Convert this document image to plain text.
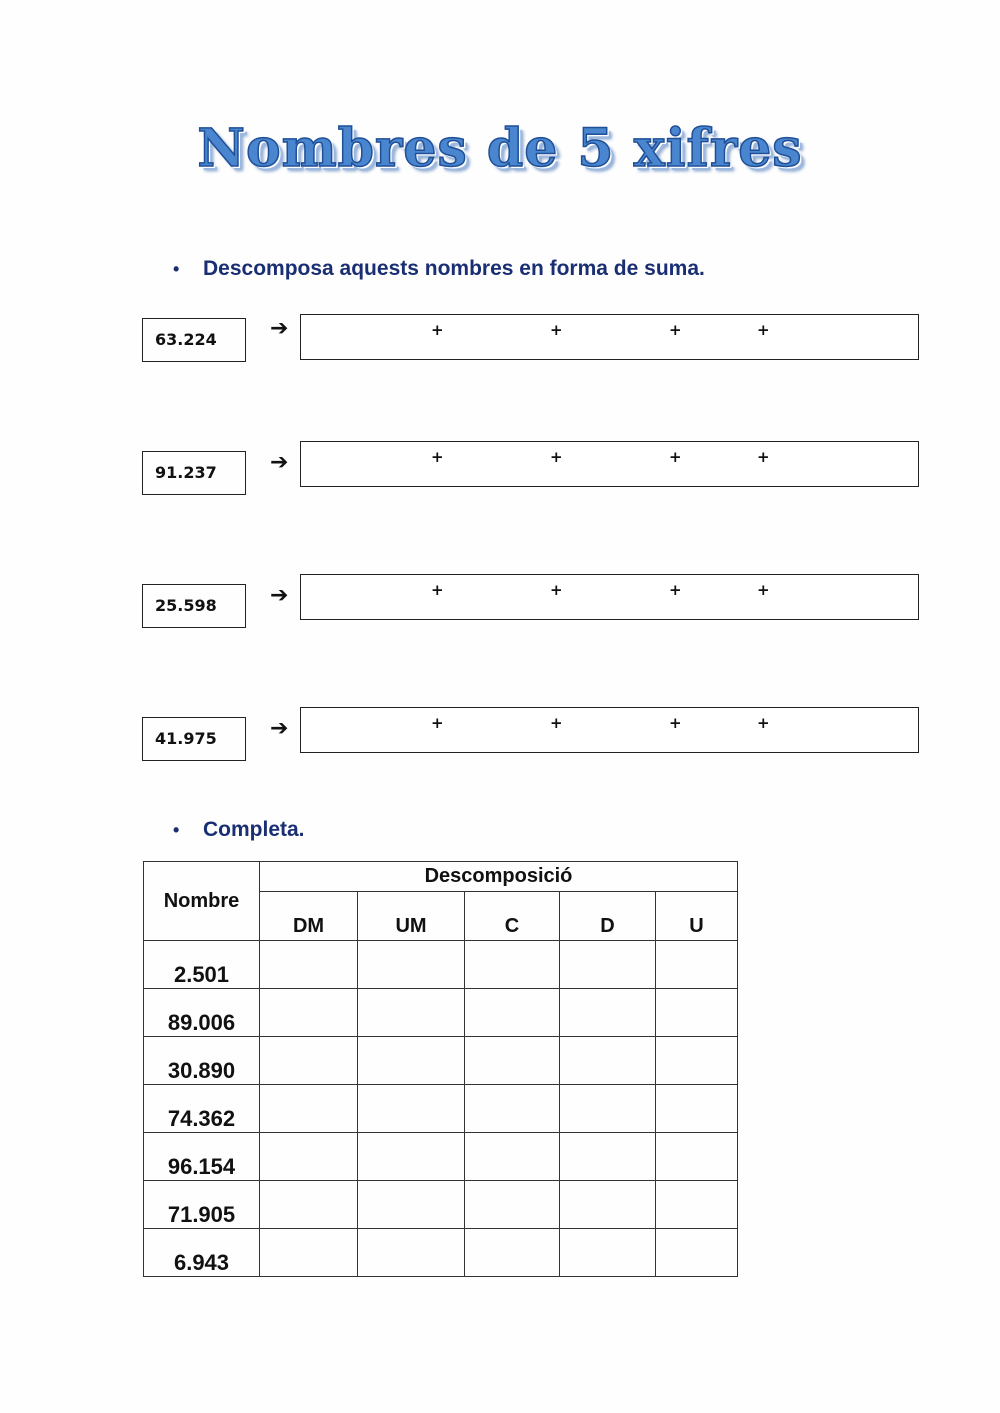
Nombres de 5 xifres
• Descomposa aquests nombres en forma de suma.
63.224	➔	+	+	+	+
91.237	➔	+	+	+	+
25.598	➔	+	+	+	+
41.975	➔	+	+	+	+
• Completa.
Nombre	Descomposició				
	DM	UM	C	D	U
2.501					
89.006					
30.890					
74.362					
96.154					
71.905					
6.943					
